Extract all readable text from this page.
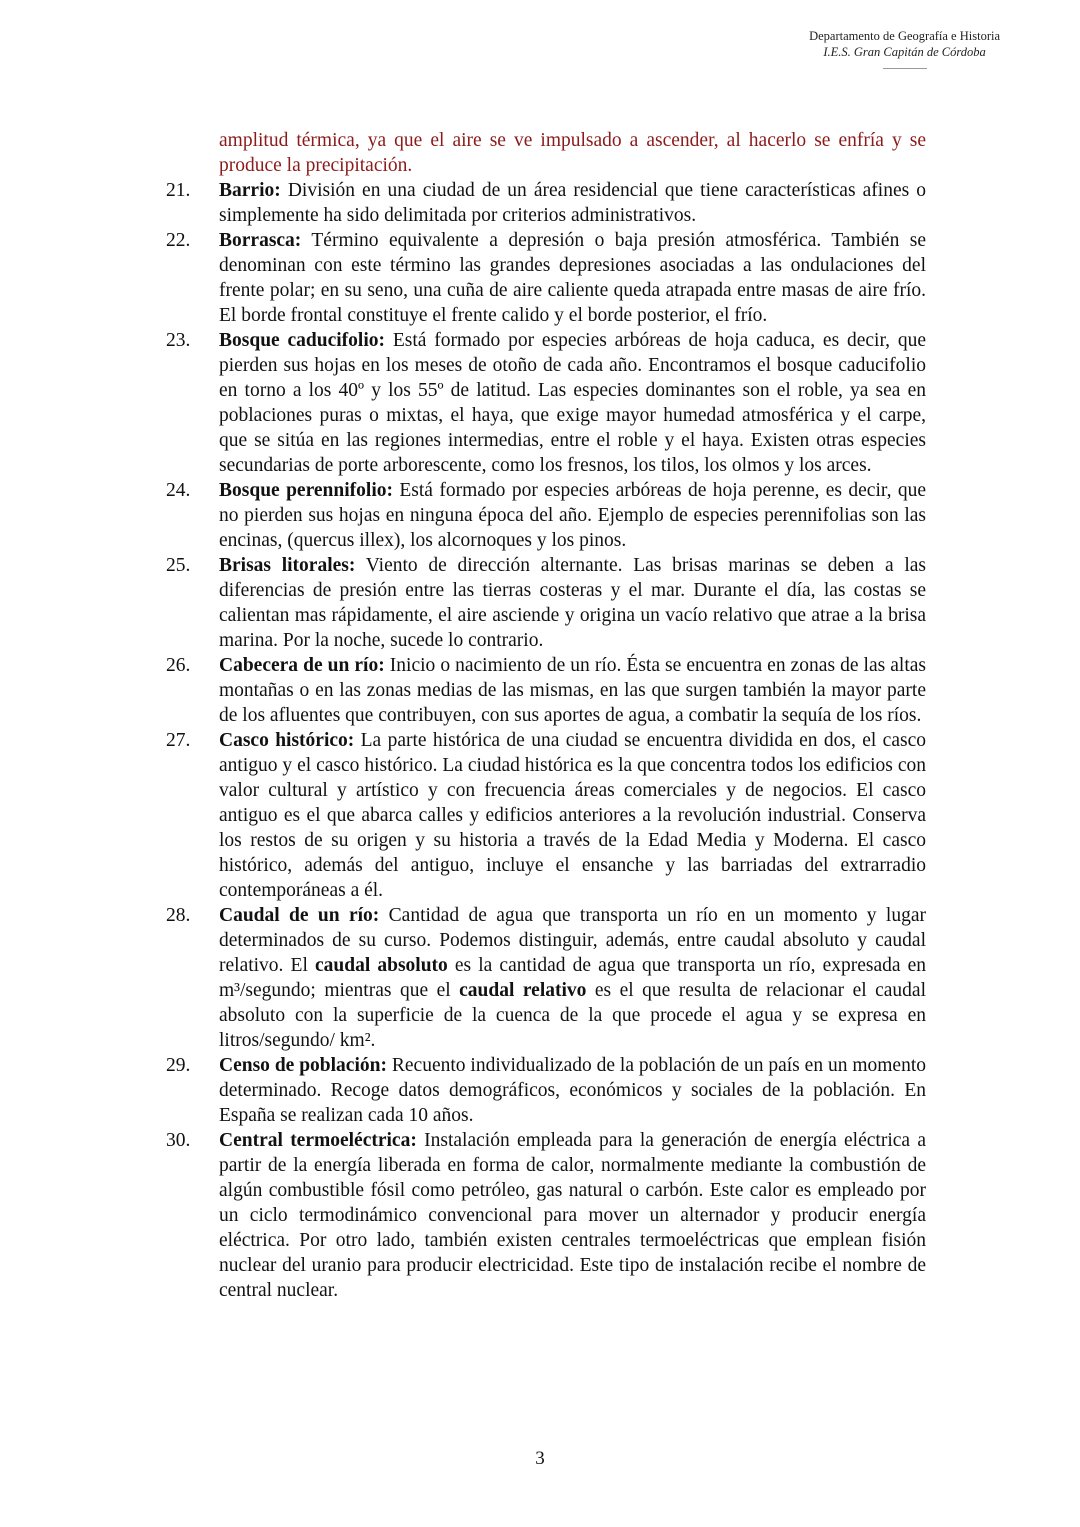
Departamento de Geografía e Historia
I.E.S. Gran Capitán de Córdoba
amplitud térmica, ya que el aire se ve impulsado a ascender, al hacerlo se enfría y se produce la precipitación.
21. Barrio: División en una ciudad de un área residencial que tiene características afines o simplemente ha sido delimitada por criterios administrativos.
22. Borrasca: Término equivalente a depresión o baja presión atmosférica. También se denominan con este término las grandes depresiones asociadas a las ondulaciones del frente polar; en su seno, una cuña de aire caliente queda atrapada entre masas de aire frío. El borde frontal constituye el frente calido y el borde posterior, el frío.
23. Bosque caducifolio: Está formado por especies arbóreas de hoja caduca, es decir, que pierden sus hojas en los meses de otoño de cada año. Encontramos el bosque caducifolio en torno a los 40º y los 55º de latitud. Las especies dominantes son el roble, ya sea en poblaciones puras o mixtas, el haya, que exige mayor humedad atmosférica y el carpe, que se sitúa en las regiones intermedias, entre el roble y el haya. Existen otras especies secundarias de porte arborescente, como los fresnos, los tilos, los olmos y los arces.
24. Bosque perennifolio: Está formado por especies arbóreas de hoja perenne, es decir, que no pierden sus hojas en ninguna época del año. Ejemplo de especies perennifolias son las encinas, (quercus illex), los alcornoques y los pinos.
25. Brisas litorales: Viento de dirección alternante. Las brisas marinas se deben a las diferencias de presión entre las tierras costeras y el mar. Durante el día, las costas se calientan mas rápidamente, el aire asciende y origina un vacío relativo que atrae a la brisa marina. Por la noche, sucede lo contrario.
26. Cabecera de un río: Inicio o nacimiento de un río. Ésta se encuentra en zonas de las altas montañas o en las zonas medias de las mismas, en las que surgen también la mayor parte de los afluentes que contribuyen, con sus aportes de agua, a combatir la sequía de los ríos.
27. Casco histórico: La parte histórica de una ciudad se encuentra dividida en dos, el casco antiguo y el casco histórico. La ciudad histórica es la que concentra todos los edificios con valor cultural y artístico y con frecuencia áreas comerciales y de negocios. El casco antiguo es el que abarca calles y edificios anteriores a la revolución industrial. Conserva los restos de su origen y su historia a través de la Edad Media y Moderna. El casco histórico, además del antiguo, incluye el ensanche y las barriadas del extrarradio contemporáneas a él.
28. Caudal de un río: Cantidad de agua que transporta un río en un momento y lugar determinados de su curso. Podemos distinguir, además, entre caudal absoluto y caudal relativo. El caudal absoluto es la cantidad de agua que transporta un río, expresada en m³/segundo; mientras que el caudal relativo es el que resulta de relacionar el caudal absoluto con la superficie de la cuenca de la que procede el agua y se expresa en litros/segundo/ km².
29. Censo de población: Recuento individualizado de la población de un país en un momento determinado. Recoge datos demográficos, económicos y sociales de la población. En España se realizan cada 10 años.
30. Central termoeléctrica: Instalación empleada para la generación de energía eléctrica a partir de la energía liberada en forma de calor, normalmente mediante la combustión de algún combustible fósil como petróleo, gas natural o carbón. Este calor es empleado por un ciclo termodinámico convencional para mover un alternador y producir energía eléctrica. Por otro lado, también existen centrales termoeléctricas que emplean fisión nuclear del uranio para producir electricidad. Este tipo de instalación recibe el nombre de central nuclear.
3
